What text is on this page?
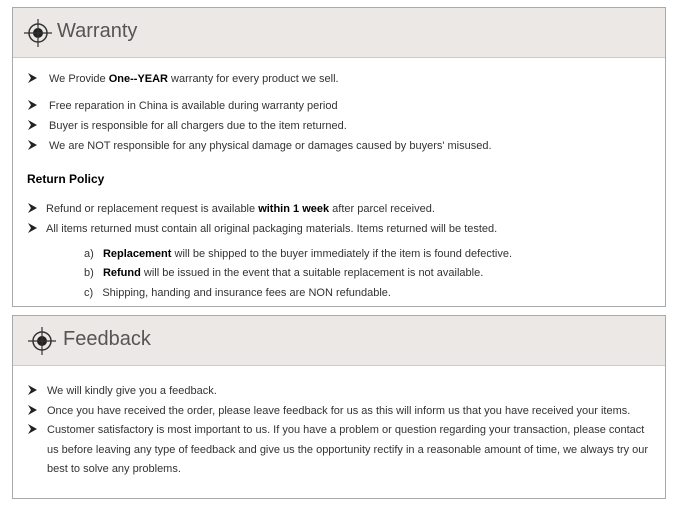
Warranty
We Provide One--YEAR warranty for every product we sell.
Free reparation in China is available during warranty period
Buyer is responsible for all chargers due to the item returned.
We are NOT responsible for any physical damage or damages caused by buyers' misused.
Return Policy
Refund or replacement request is available within 1 week after parcel received.
All items returned must contain all original packaging materials. Items returned will be tested.
a) Replacement will be shipped to the buyer immediately if the item is found defective.
b) Refund will be issued in the event that a suitable replacement is not available.
c) Shipping, handing and insurance fees are NON refundable.
Feedback
We will kindly give you a feedback.
Once you have received the order, please leave feedback for us as this will inform us that you have received your items.
Customer satisfactory is most important to us. If you have a problem or question regarding your transaction, please contact
us before leaving any type of feedback and give us the opportunity rectify in a reasonable amount of time, we always try our
best to solve any problems.
